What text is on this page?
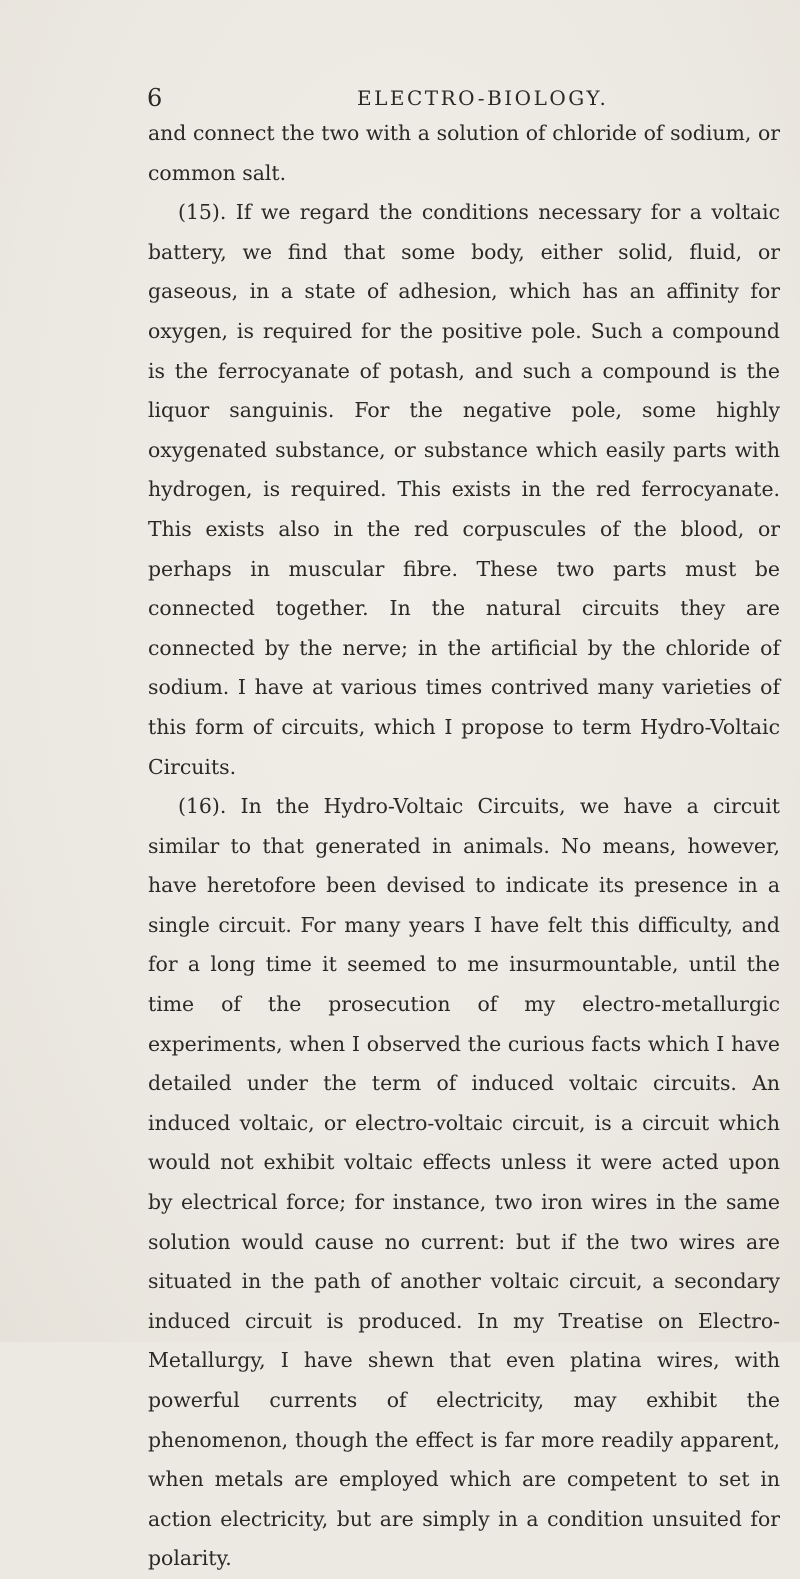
6	ELECTRO-BIOLOGY.

and connect the two with a solution of chloride of sodium, or common salt.

(15). If we regard the conditions necessary for a voltaic battery, we find that some body, either solid, fluid, or gaseous, in a state of adhesion, which has an affinity for oxygen, is required for the positive pole. Such a compound is the ferrocyanate of potash, and such a compound is the liquor sanguinis. For the negative pole, some highly oxygenated substance, or substance which easily parts with hydrogen, is required. This exists in the red ferrocyanate. This exists also in the red corpuscules of the blood, or perhaps in muscular fibre. These two parts must be connected together. In the natural circuits they are connected by the nerve; in the artificial by the chloride of sodium. I have at various times contrived many varieties of this form of circuits, which I propose to term Hydro-Voltaic Circuits.

(16). In the Hydro-Voltaic Circuits, we have a circuit similar to that generated in animals. No means, however, have heretofore been devised to indicate its presence in a single circuit. For many years I have felt this difficulty, and for a long time it seemed to me insurmountable, until the time of the prosecution of my electro-metallurgic experiments, when I observed the curious facts which I have detailed under the term of induced voltaic circuits. An induced voltaic, or electro-voltaic circuit, is a circuit which would not exhibit voltaic effects unless it were acted upon by electrical force; for instance, two iron wires in the same solution would cause no current: but if the two wires are situated in the path of another voltaic circuit, a secondary induced circuit is produced. In my Treatise on Electro-Metallurgy, I have shewn that even platina wires, with powerful currents of electricity, may exhibit the phenomenon, though the effect is far more readily apparent, when metals are employed which are competent to set in action electricity, but are simply in a condition unsuited for polarity.
